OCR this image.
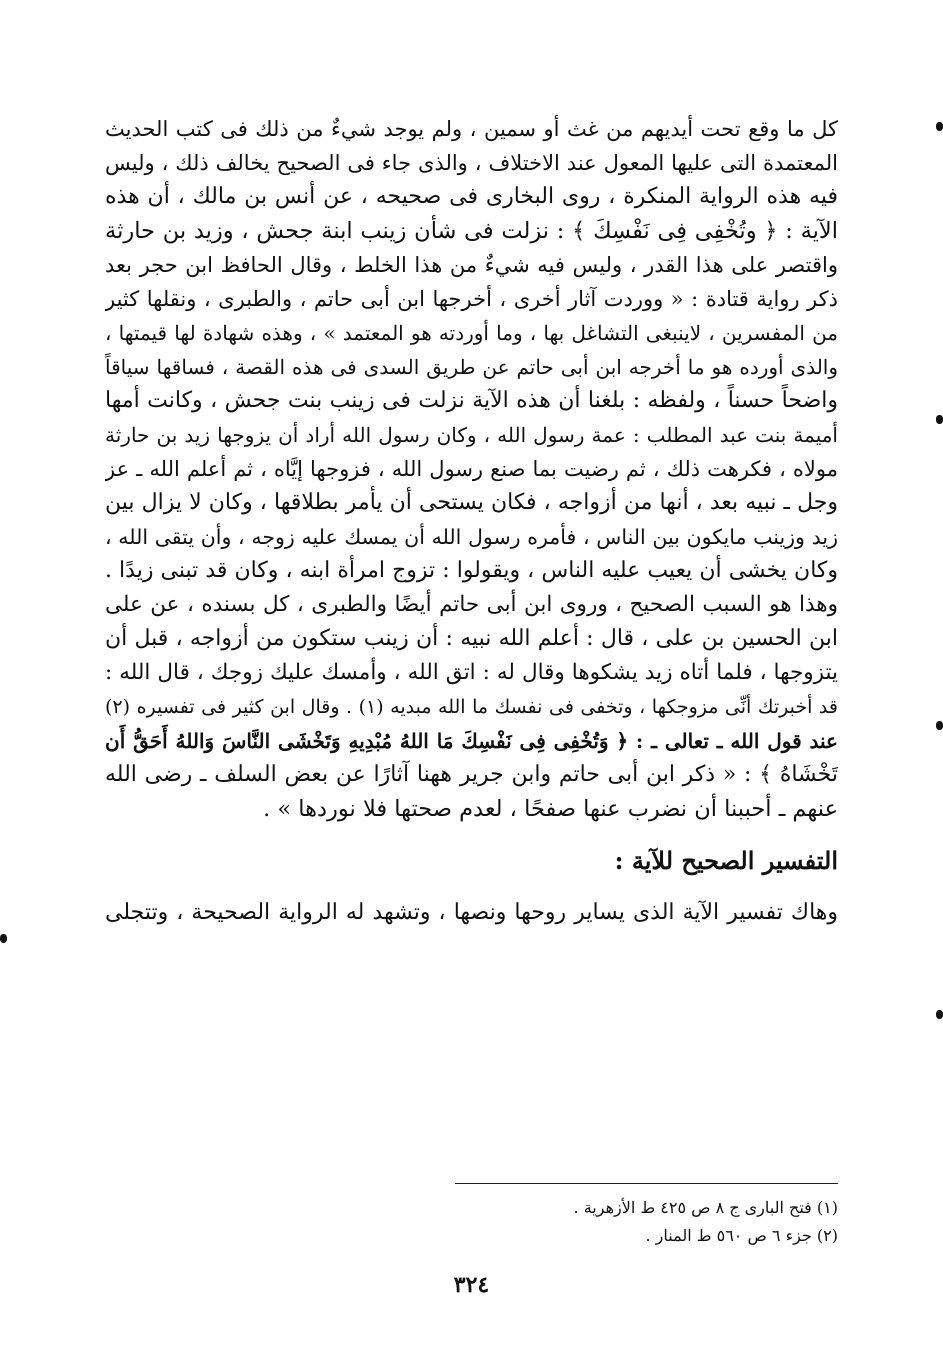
كل ما وقع تحت أيديهم من غث أو سمين ، ولم يوجد شيءٌ من ذلك فى كتب الحديث
المعتمدة التى عليها المعول عند الاختلاف ، والذى جاء فى الصحيح يخالف ذلك ، وليس
فيه هذه الرواية المنكرة ، روى البخارى فى صحيحه ، عن أنس بن مالك ، أن هذه
الآية : ﴿ وتُخْفِى فِى نَفْسِكَ ﴾ : نزلت فى شأن زينب ابنة جحش ، وزيد بن حارثة
واقتصر على هذا القدر ، وليس فيه شيءٌ من هذا الخلط ، وقال الحافظ ابن حجر بعد
ذكر رواية قتادة : « ووردت آثار أخرى ، أخرجها ابن أبى حاتم ، والطبرى ، ونقلها كثير
من المفسرين ، لاينبغى التشاغل بها ، وما أوردته هو المعتمد » ، وهذه شهادة لها قيمتها ،
والذى أورده هو ما أخرجه ابن أبى حاتم عن طريق السدى فى هذه القصة ، فساقها سياقاً
واضحاً حسناً ، ولفظه : بلغنا أن هذه الآية نزلت فى زينب بنت جحش ، وكانت أمها
أميمة بنت عبد المطلب : عمة رسول الله ، وكان رسول الله أراد أن يزوجها زيد بن حارثة
مولاه ، فكرهت ذلك ، ثم رضيت بما صنع رسول الله ، فزوجها إيَّاه ، ثم أعلم الله ـ عز
وجل ـ نبيه بعد ، أنها من أزواجه ، فكان يستحى أن يأمر بطلاقها ، وكان لا يزال بين
زيد وزينب مايكون بين الناس ، فأمره رسول الله أن يمسك عليه زوجه ، وأن يتقى الله ،
وكان يخشى أن يعيب عليه الناس ، ويقولوا : تزوج امرأة ابنه ، وكان قد تبنى زيدًا .
وهذا هو السبب الصحيح ، وروى ابن أبى حاتم أيضًا والطبرى ، كل بسنده ، عن على
ابن الحسين بن على ، قال : أعلم الله نبيه : أن زينب ستكون من أزواجه ، قبل أن
يتزوجها ، فلما أتاه زيد يشكوها وقال له : اتق الله ، وأمسك عليك زوجك ، قال الله :
قد أخبرتك أنِّى مزوجكها ، وتخفى فى نفسك ما الله مبديه (١) . وقال ابن كثير فى تفسيره (٢)
عند قول الله ـ تعالى ـ : ﴿ وَتُخْفِى فِى نَفْسِكَ مَا اللهُ مُبْدِيهِ وَتَخْشَى النَّاسَ وَاللهُ أَحَقُّ أَن
تَخْشَاهُ ﴾ : « ذكر ابن أبى حاتم وابن جرير ههنا آثارًا عن بعض السلف ـ رضى الله
عنهم ـ أحببنا أن نضرب عنها صفحًا ، لعدم صحتها فلا نوردها » .
التفسير الصحيح للآية :
وهاك تفسير الآية الذى يساير روحها ونصها ، وتشهد له الرواية الصحيحة ، وتتجلى
(١) فتح البارى ج ٨ ص ٤٢٥ ط الأزهرية .
(٢) جزء ٦ ص ٥٦٠ ط المنار .
٣٢٤
